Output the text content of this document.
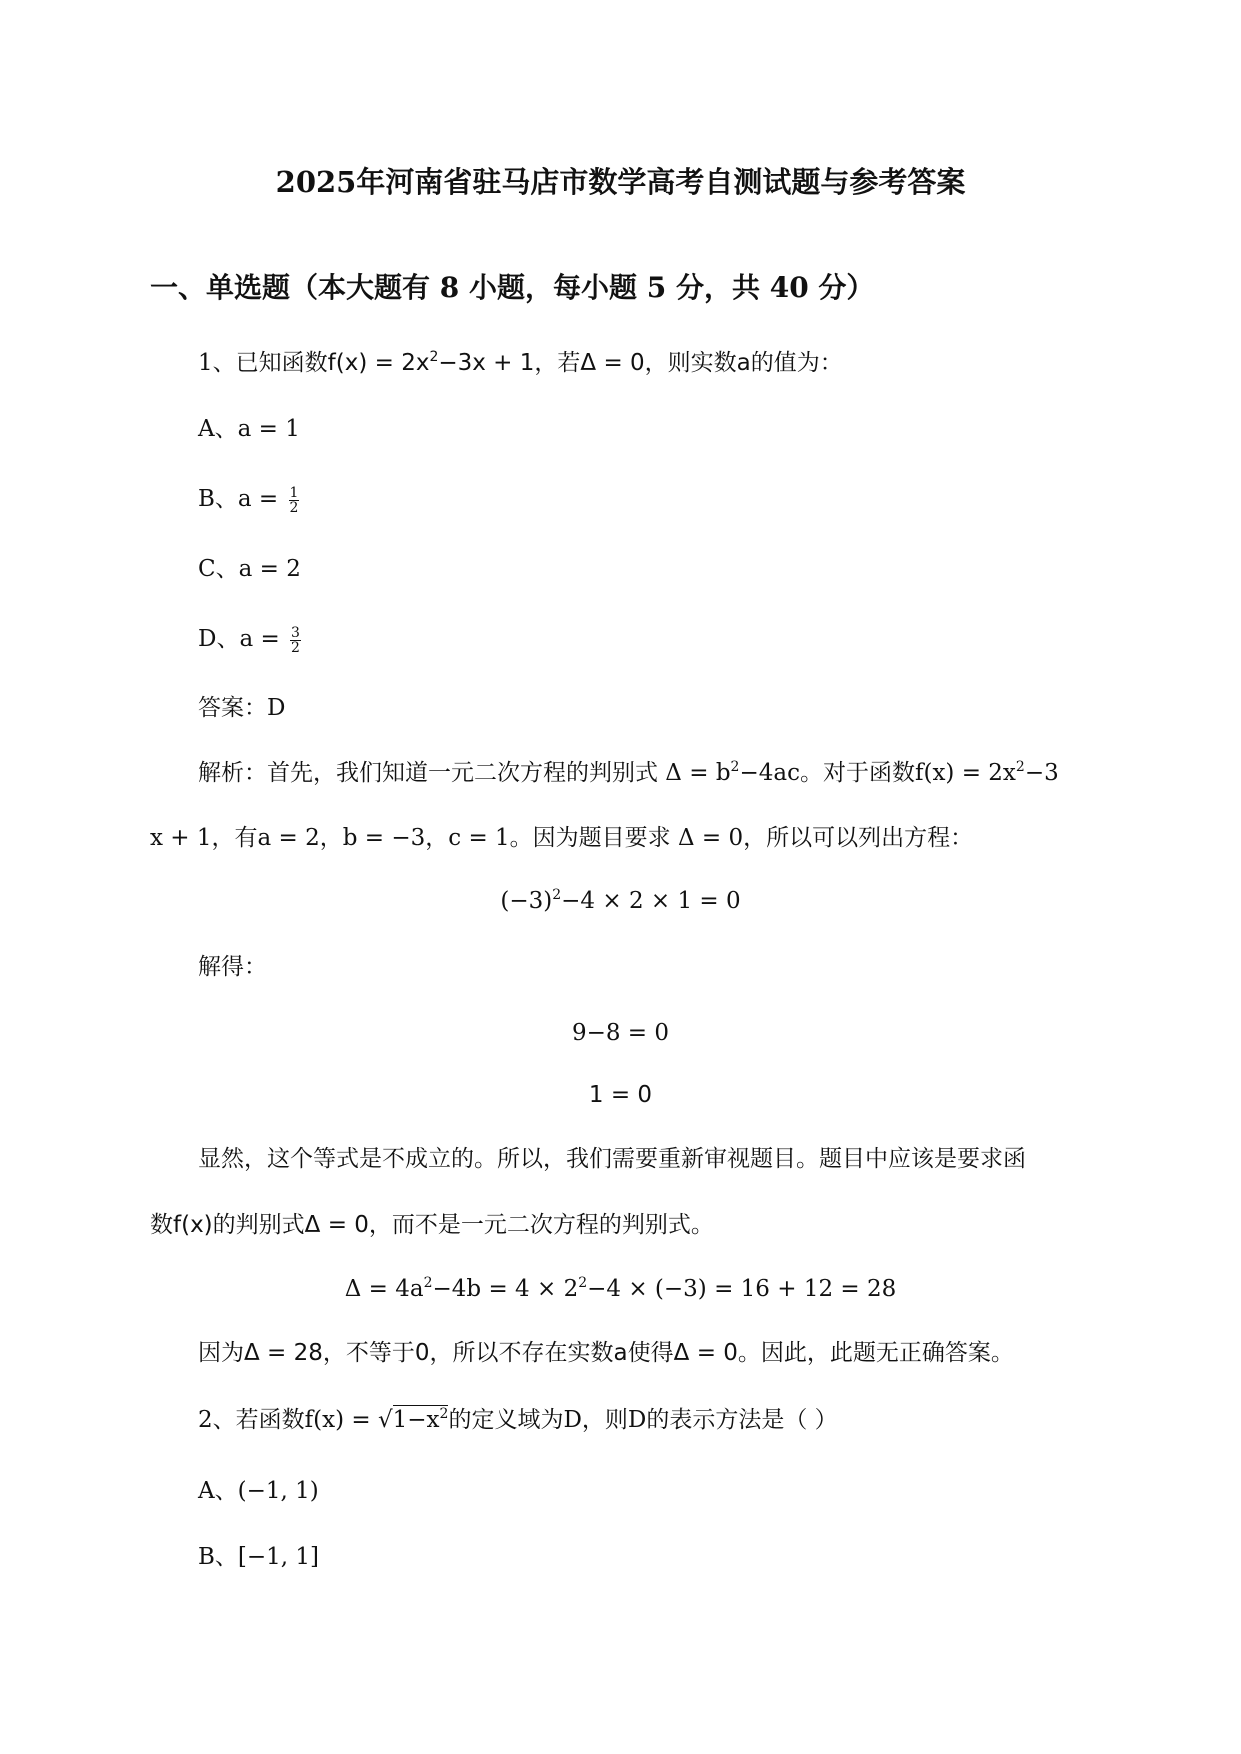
2025年河南省驻马店市数学高考自测试题与参考答案
一、单选题（本大题有 8 小题，每小题 5 分，共 40 分）
1、已知函数$f(x) = 2x^2-3x + 1$，若Δ = 0，则实数a的值为：
A、a = 1
B、$a = \frac{1}{2}$
C、a = 2
D、$a = \frac{3}{2}$
答案：D
解析：首先，我们知道一元二次方程的判别式 $\Delta = b^2-4ac$。对于函数$f(x) = 2x^2-3$
x + 1，有a = 2，b = −3，c = 1。因为题目要求 Δ = 0，所以可以列出方程：
$(-3)^2-4 \times 2 \times 1 = 0$
解得：
9−8 = 0
1 = 0
显然，这个等式是不成立的。所以，我们需要重新审视题目。题目中应该是要求函
数f(x)的判别式Δ = 0，而不是一元二次方程的判别式。
$\Delta = 4a^2-4b = 4 \times 2^2-4 \times (-3) = 16 + 12 = 28$
因为Δ = 28，不等于0，所以不存在实数a使得Δ = 0。因此，此题无正确答案。
2、若函数$f(x) = √1-x^2$的定义域为D，则D的表示方法是（ ）
A、(−1, 1)
B、[−1, 1]
